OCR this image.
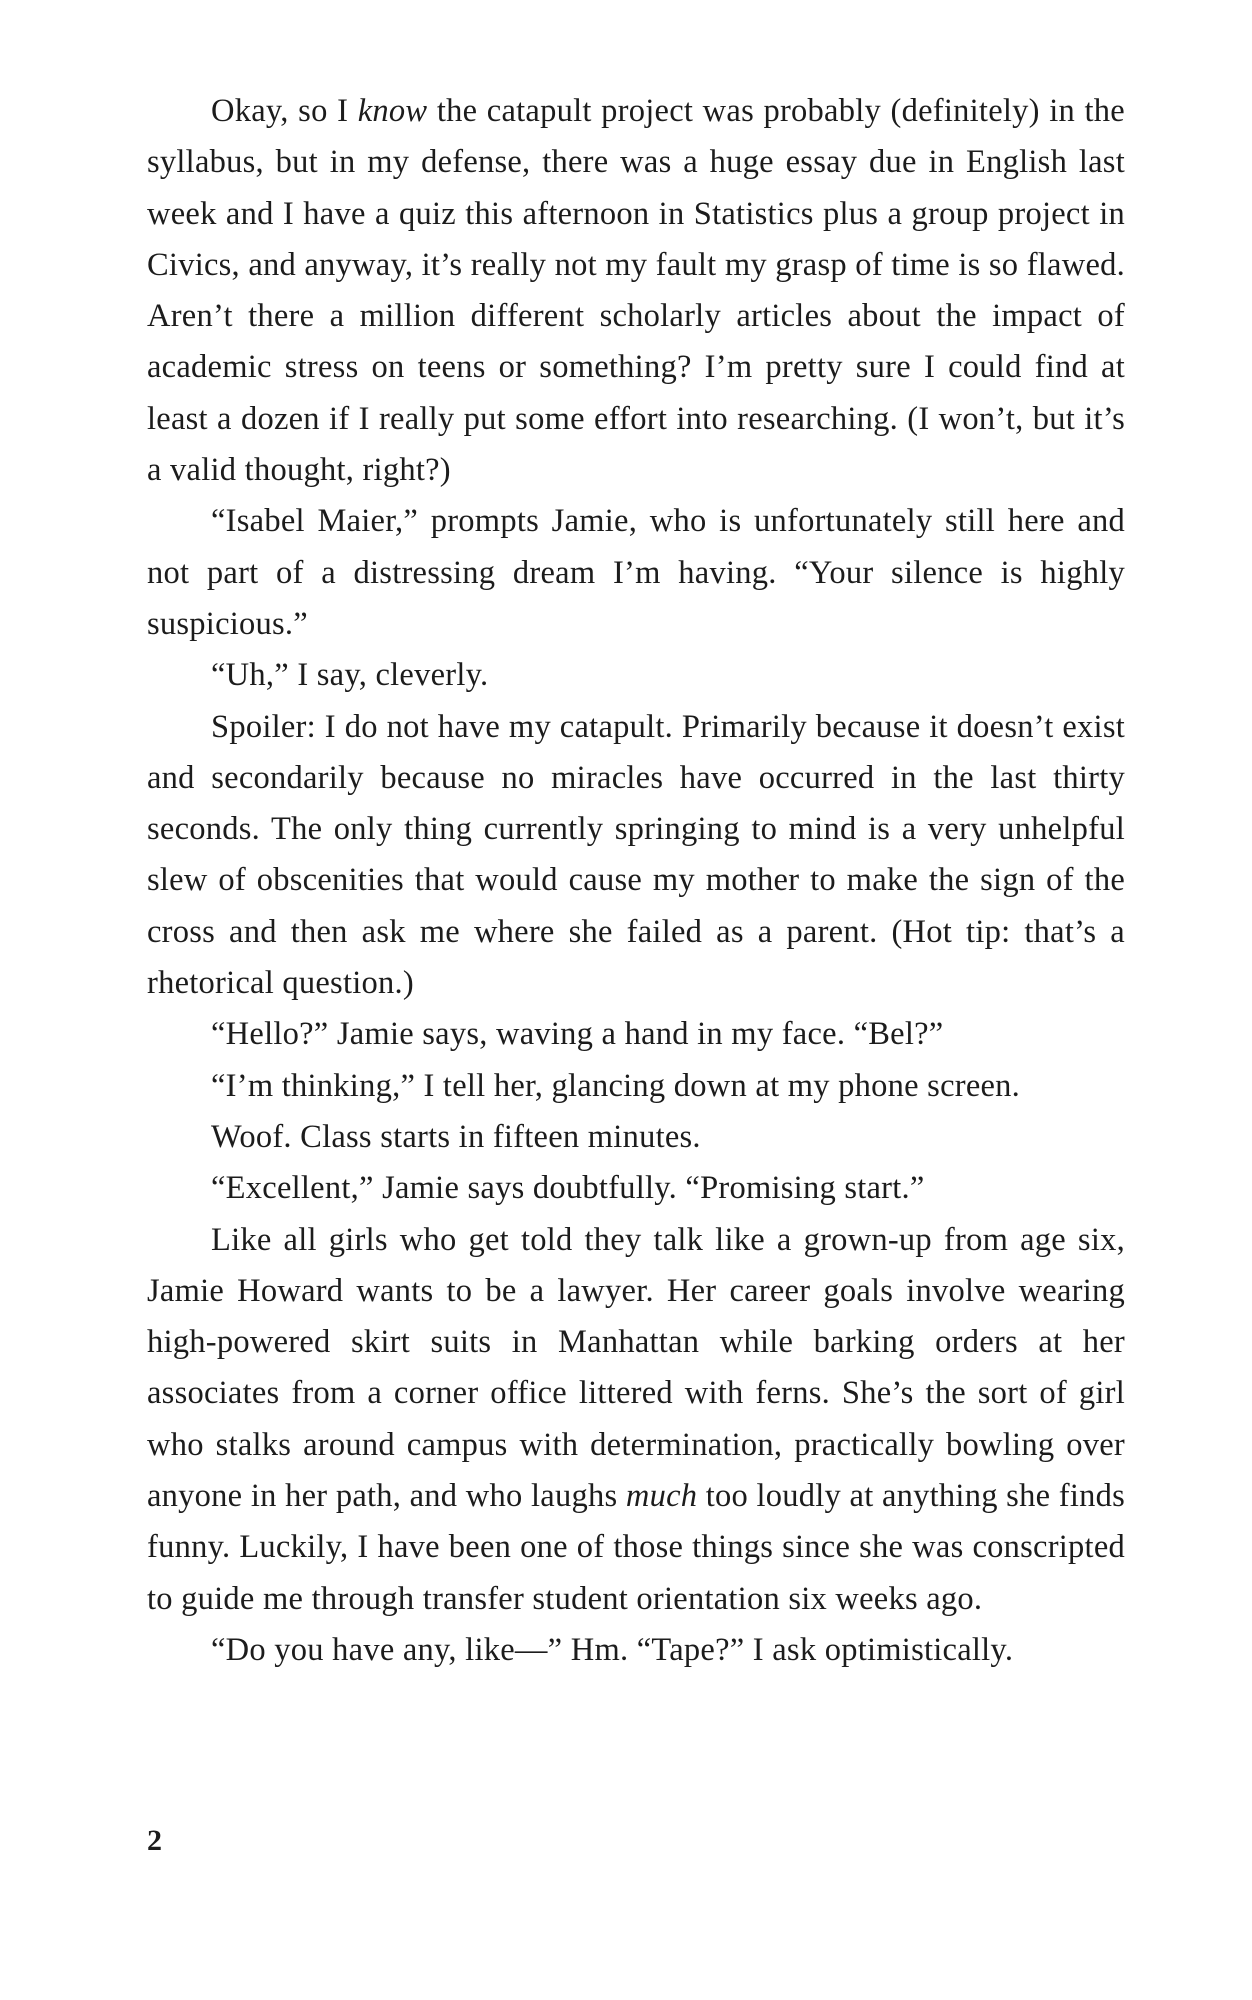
Okay, so I know the catapult project was probably (definitely) in the syllabus, but in my defense, there was a huge essay due in English last week and I have a quiz this afternoon in Statistics plus a group project in Civics, and anyway, it’s really not my fault my grasp of time is so flawed. Aren’t there a million different scholarly articles about the impact of academic stress on teens or something? I’m pretty sure I could find at least a dozen if I really put some effort into researching. (I won’t, but it’s a valid thought, right?)

“Isabel Maier,” prompts Jamie, who is unfortunately still here and not part of a distressing dream I’m having. “Your silence is highly suspicious.”

“Uh,” I say, cleverly.

Spoiler: I do not have my catapult. Primarily because it doesn’t exist and secondarily because no miracles have occurred in the last thirty seconds. The only thing currently springing to mind is a very unhelpful slew of obscenities that would cause my mother to make the sign of the cross and then ask me where she failed as a parent. (Hot tip: that’s a rhetorical question.)

“Hello?” Jamie says, waving a hand in my face. “Bel?”

“I’m thinking,” I tell her, glancing down at my phone screen.

Woof. Class starts in fifteen minutes.

“Excellent,” Jamie says doubtfully. “Promising start.”

Like all girls who get told they talk like a grown-up from age six, Jamie Howard wants to be a lawyer. Her career goals involve wearing high-powered skirt suits in Manhattan while barking orders at her associates from a corner office littered with ferns. She’s the sort of girl who stalks around campus with determination, practically bowling over anyone in her path, and who laughs much too loudly at anything she finds funny. Luckily, I have been one of those things since she was conscripted to guide me through transfer student orientation six weeks ago.

“Do you have any, like—” Hm. “Tape?” I ask optimistically.

2
